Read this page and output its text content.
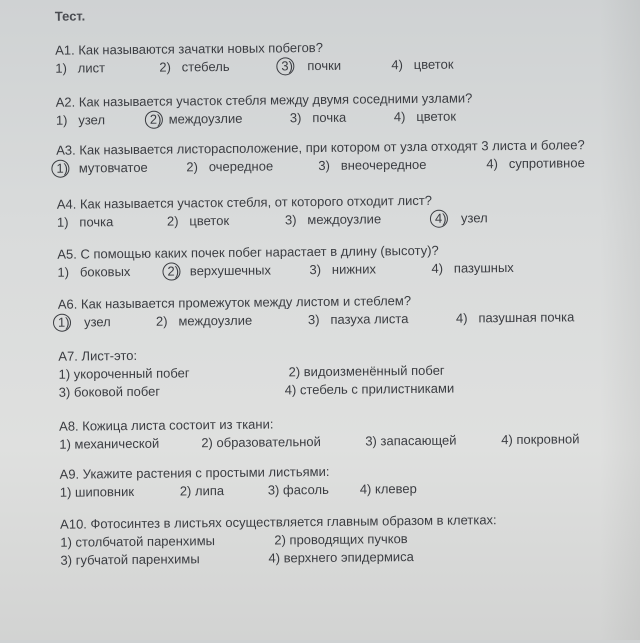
Тест.
А1. Как называются зачатки новых побегов?
1) лист	2) стебель	3) почки	4) цветок
А2. Как называется участок стебля между двумя соседними узлами?
1) узел	2) междоузлие	3) почка	4) цветок
А3. Как называется листорасположение, при котором от узла отходят 3 листа и более?
1) мутовчатое	2) очередное	3) внеочередное	4) супротивное
А4. Как называется участок стебля, от которого отходит лист?
1) почка	2) цветок	3) междоузлие	4) узел
А5. С помощью каких почек побег нарастает в длину (высоту)?
1) боковых	2) верхушечных	3) нижних	4) пазушных
А6. Как называется промежуток между листом и стеблем?
1) узел	2) междоузлие	3) пазуха листа	4) пазушная почка
А7. Лист-это:
1) укороченный побег	2) видоизменённый побег
3) боковой побег	4) стебель с прилистниками
А8. Кожица листа состоит из ткани:
1) механической	2) образовательной	3) запасающей	4) покровной
А9. Укажите растения с простыми листьями:
1) шиповник	2) липа	3) фасоль 4) клевер
А10. Фотосинтез в листьях осуществляется главным образом в клетках:
1) столбчатой паренхимы	2) проводящих пучков
3) губчатой паренхимы	4) верхнего эпидермиса
